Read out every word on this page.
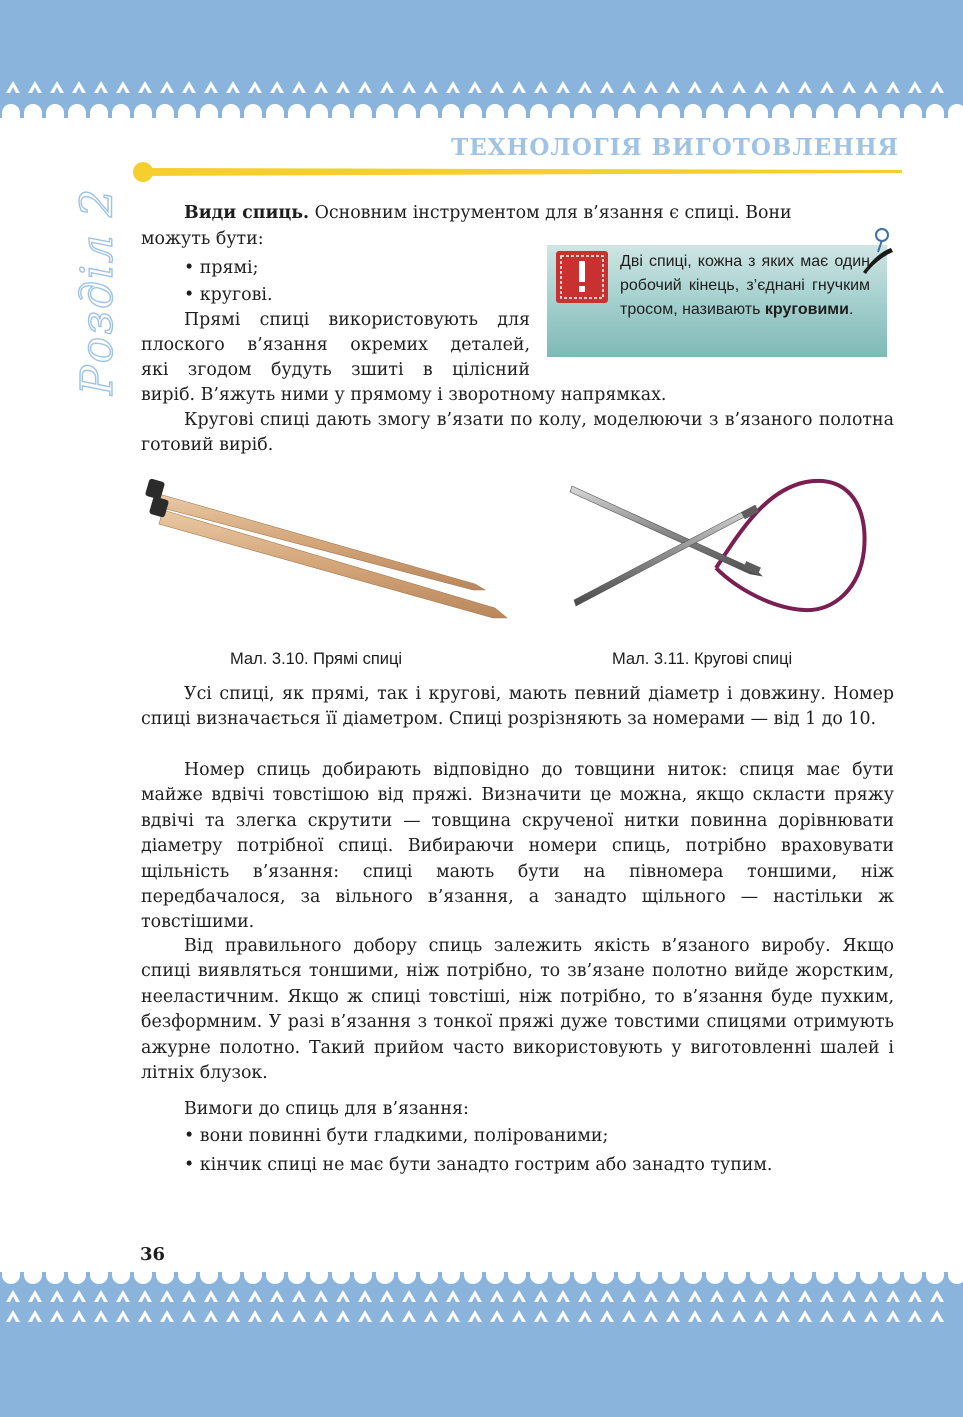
ТЕХНОЛОГІЯ ВИГОТОВЛЕННЯ
Розділ 2	Види спиць. Основним інструментом для в’язання є спиці. Вони
можуть бути:
• прямі;
• кругові.
Прямі спиці використовують для
плоского в’язання окремих деталей,
які згодом будуть зшиті в цілісний
виріб. В’яжуть ними у прямому і зворотному напрямках.
Дві спиці, кожна з яких має один робочий кінець, з’єднані гнучким тросом, називають круговими.
Кругові спиці дають змогу в’язати по колу, моделюючи з в’язаного полотна готовий виріб.
Мал. 3.10. Прямі спиці	Мал. 3.11. Кругові спиці
Усі спиці, як прямі, так і кругові, мають певний діаметр і довжину. Номер спиці визначається її діаметром. Спиці розрізняють за номерами — від 1 до 10.
Номер спиць добирають відповідно до товщини ниток: спиця має бути майже вдвічі товстішою від пряжі. Визначити це можна, якщо скласти пряжу вдвічі та злегка скрутити — товщина скрученої нитки повинна дорівнювати діаметру потрібної спиці. Вибираючи номери спиць, потрібно враховувати щільність в’язання: спиці мають бути на півномера тоншими, ніж передбачалося, за вільного в’язання, а занадто щільного — настільки ж товстішими.
Від правильного добору спиць залежить якість в’язаного виробу. Якщо спиці виявляться тоншими, ніж потрібно, то зв’язане полотно вийде жорстким, нееластичним. Якщо ж спиці товстіші, ніж потрібно, то в’язання буде пухким, безформним. У разі в’язання з тонкої пряжі дуже товстими спицями отримують ажурне полотно. Такий прийом часто використовують у виготовленні шалей і літніх блузок.
Вимоги до спиць для в’язання:
• вони повинні бути гладкими, полірованими;
• кінчик спиці не має бути занадто гострим або занадто тупим.
36
